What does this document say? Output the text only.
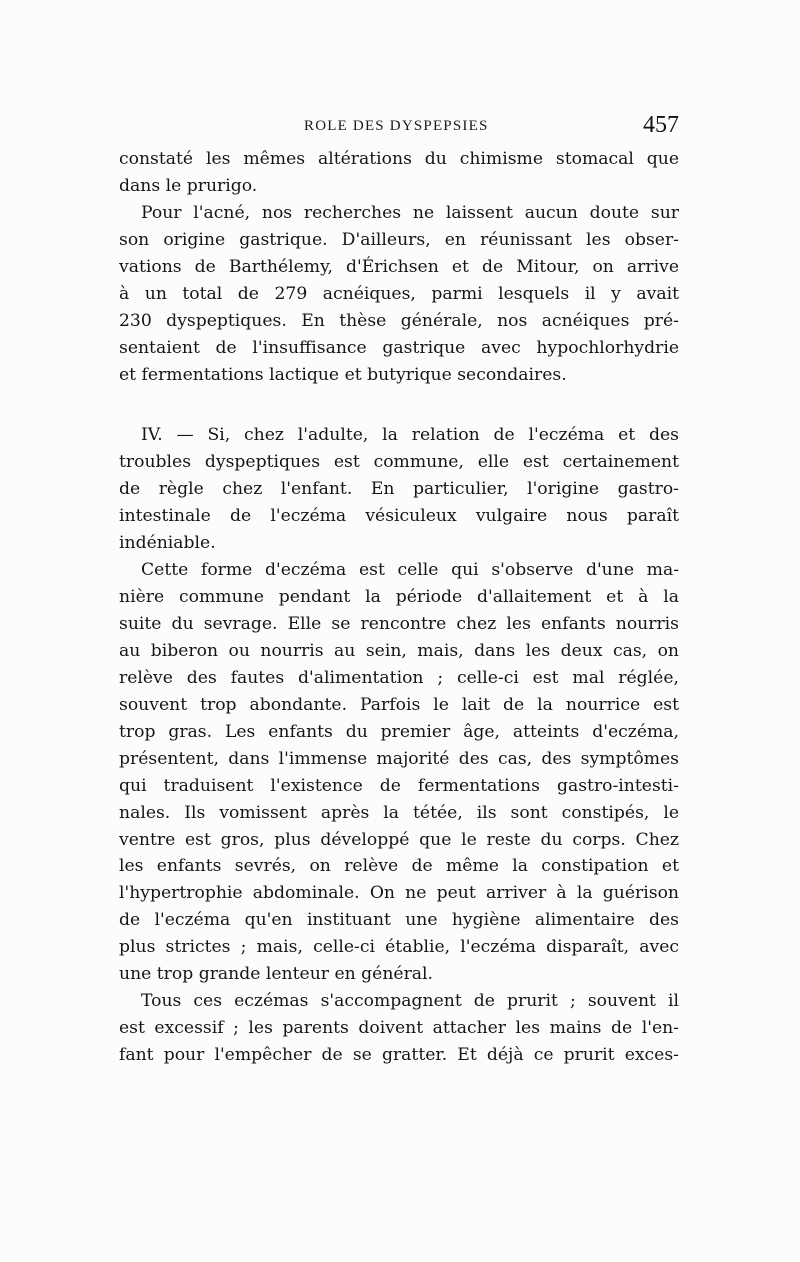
ROLE DES DYSPEPSIES	457
constaté les mêmes altérations du chimisme stomacal que
dans le prurigo.
Pour l'acné, nos recherches ne laissent aucun doute sur
son origine gastrique. D'ailleurs, en réunissant les obser-
vations de Barthélemy, d'Érichsen et de Mitour, on arrive
à un total de 279 acnéiques, parmi lesquels il y avait
230 dyspeptiques. En thèse générale, nos acnéiques pré-
sentaient de l'insuffisance gastrique avec hypochlorhydrie
et fermentations lactique et butyrique secondaires.
IV. — Si, chez l'adulte, la relation de l'eczéma et des
troubles dyspeptiques est commune, elle est certainement
de règle chez l'enfant. En particulier, l'origine gastro-
intestinale de l'eczéma vésiculeux vulgaire nous paraît
indéniable.
Cette forme d'eczéma est celle qui s'observe d'une ma-
nière commune pendant la période d'allaitement et à la
suite du sevrage. Elle se rencontre chez les enfants nourris
au biberon ou nourris au sein, mais, dans les deux cas, on
relève des fautes d'alimentation ; celle-ci est mal réglée,
souvent trop abondante. Parfois le lait de la nourrice est
trop gras. Les enfants du premier âge, atteints d'eczéma,
présentent, dans l'immense majorité des cas, des symptômes
qui traduisent l'existence de fermentations gastro-intesti-
nales. Ils vomissent après la tétée, ils sont constipés, le
ventre est gros, plus développé que le reste du corps. Chez
les enfants sevrés, on relève de même la constipation et
l'hypertrophie abdominale. On ne peut arriver à la guérison
de l'eczéma qu'en instituant une hygiène alimentaire des
plus strictes ; mais, celle-ci établie, l'eczéma disparaît, avec
une trop grande lenteur en général.
Tous ces eczémas s'accompagnent de prurit ; souvent il
est excessif ; les parents doivent attacher les mains de l'en-
fant pour l'empêcher de se gratter. Et déjà ce prurit exces-
